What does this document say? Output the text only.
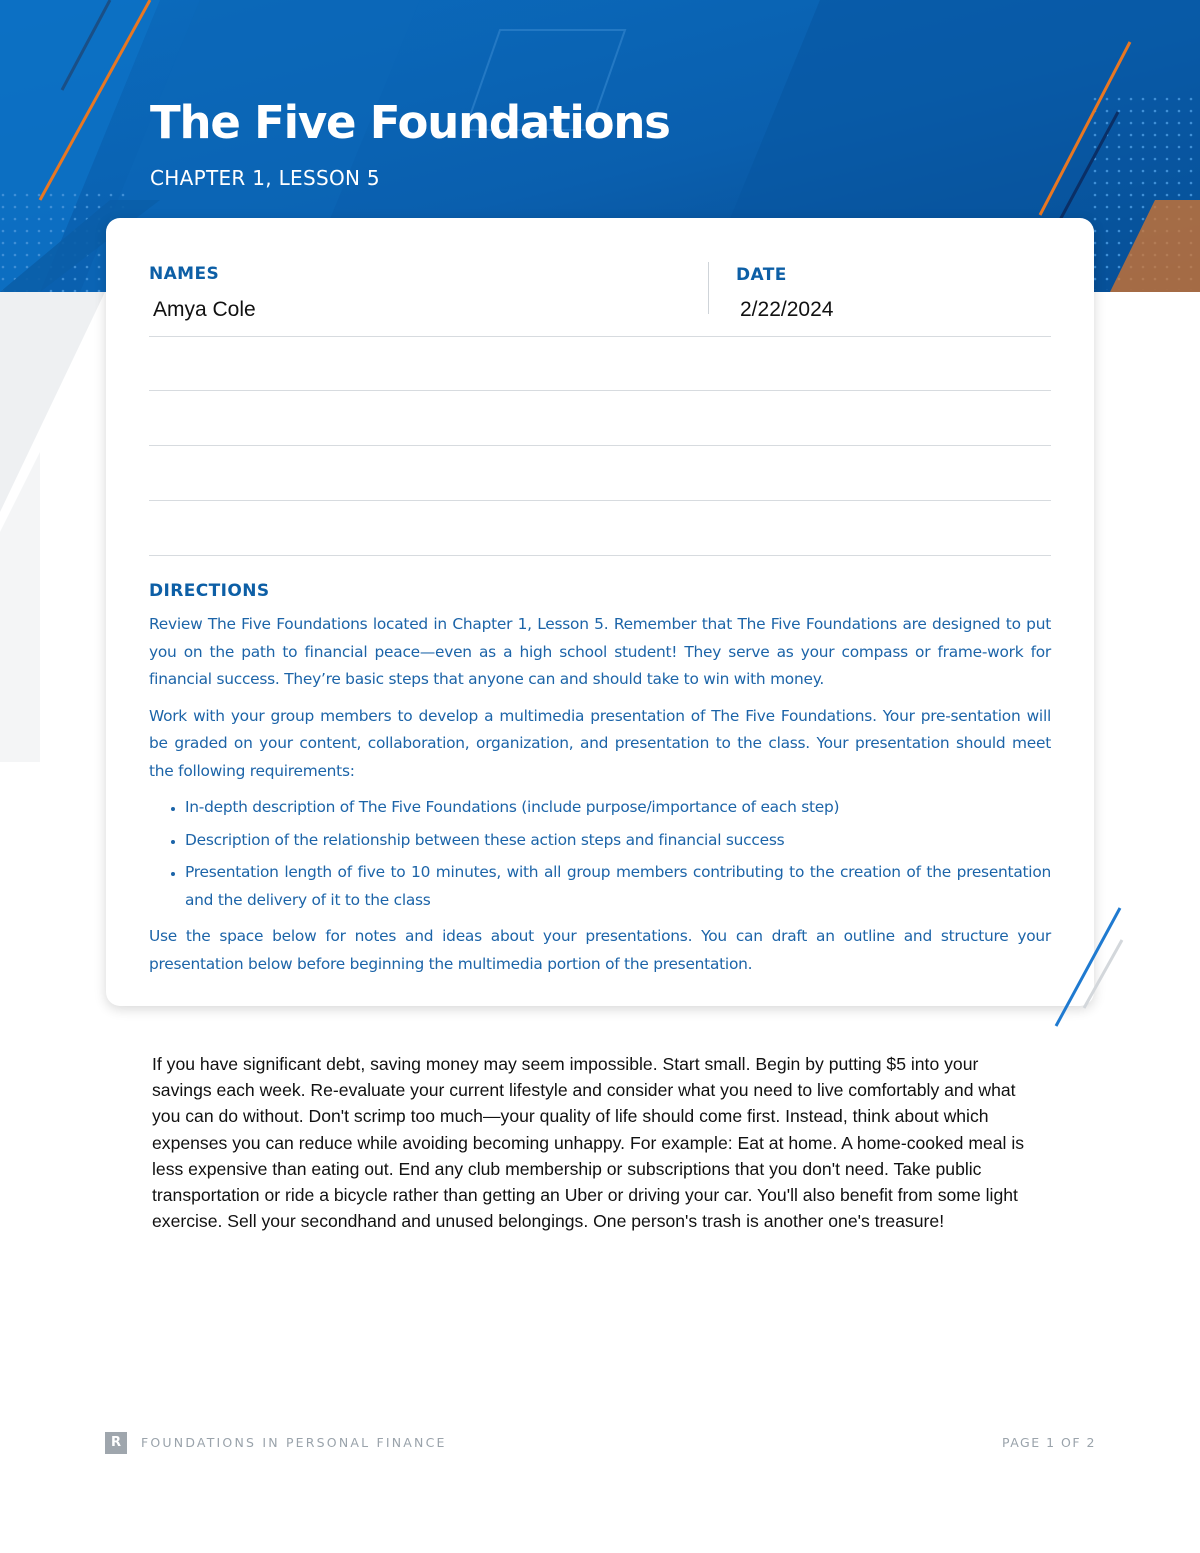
The Five Foundations
CHAPTER 1, LESSON 5
NAMES
Amya Cole
DATE
2/22/2024
DIRECTIONS

Review The Five Foundations located in Chapter 1, Lesson 5. Remember that The Five Foundations are designed to put you on the path to financial peace—even as a high school student! They serve as your compass or frame-work for financial success. They’re basic steps that anyone can and should take to win with money.

Work with your group members to develop a multimedia presentation of The Five Foundations. Your pre-sentation will be graded on your content, collaboration, organization, and presentation to the class. Your presentation should meet the following requirements:

• In-depth description of The Five Foundations (include purpose/importance of each step)
• Description of the relationship between these action steps and financial success
• Presentation length of five to 10 minutes, with all group members contributing to the creation of the presentation and the delivery of it to the class

Use the space below for notes and ideas about your presentations. You can draft an outline and structure your presentation below before beginning the multimedia portion of the presentation.

If you have significant debt, saving money may seem impossible. Start small. Begin by putting $5 into your savings each week. Re-evaluate your current lifestyle and consider what you need to live comfortably and what you can do without. Don't scrimp too much—your quality of life should come first. Instead, think about which expenses you can reduce while avoiding becoming unhappy. For example: Eat at home. A home-cooked meal is less expensive than eating out. End any club membership or subscriptions that you don't need. Take public transportation or ride a bicycle rather than getting an Uber or driving your car. You'll also benefit from some light exercise. Sell your secondhand and unused belongings. One person's trash is another one's treasure!

R	FOUNDATIONS IN PERSONAL FINANCE	PAGE 1 OF 2
